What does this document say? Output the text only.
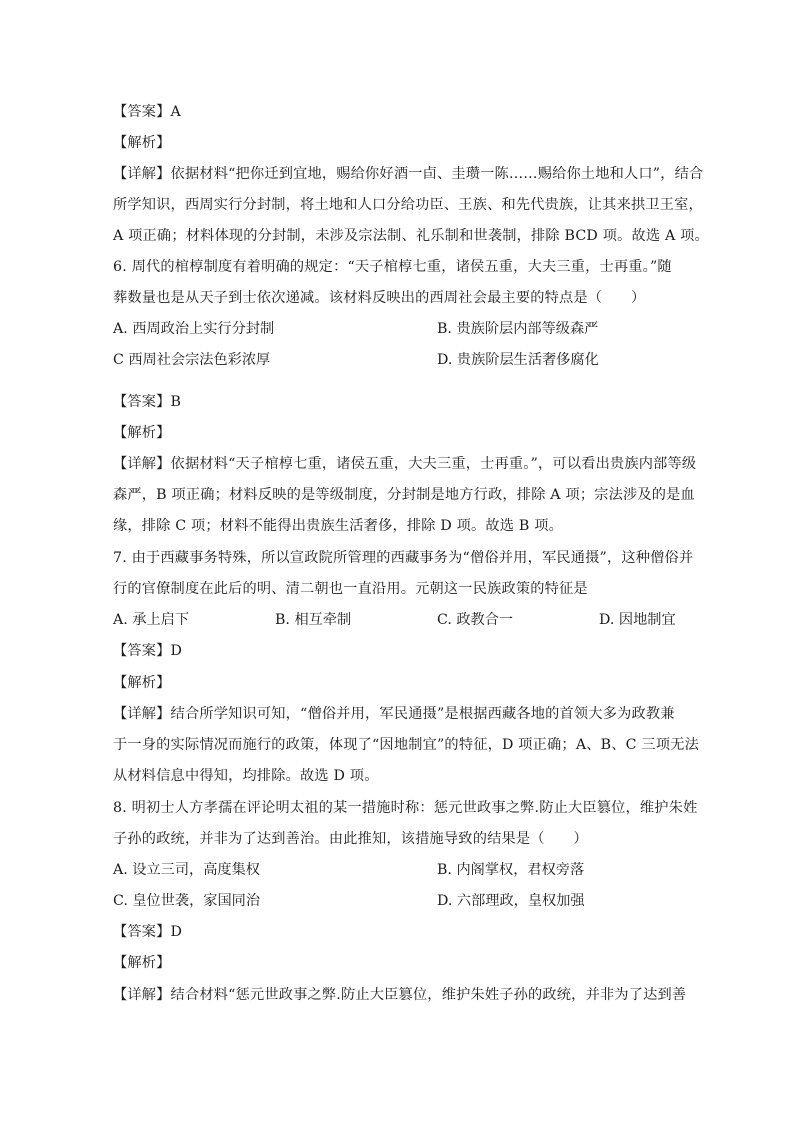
【答案】A
【解析】
【详解】依据材料“把你迁到宜地，赐给你好酒一卣、圭瓒一陈……赐给你土地和人口”，结合
所学知识，西周实行分封制，将土地和人口分给功臣、王族、和先代贵族，让其来拱卫王室，
A 项正确；材料体现的分封制，未涉及宗法制、礼乐制和世袭制，排除 BCD 项。故选 A 项。
6. 周代的棺椁制度有着明确的规定：“天子棺椁七重，诸侯五重，大夫三重，士再重。”随
葬数量也是从天子到士依次递减。该材料反映出的西周社会最主要的特点是（　　）
A. 西周政治上实行分封制	B. 贵族阶层内部等级森严
C 西周社会宗法色彩浓厚	D. 贵族阶层生活奢侈腐化
【答案】B
【解析】
【详解】依据材料“天子棺椁七重，诸侯五重，大夫三重，士再重。”，可以看出贵族内部等级
森严，B 项正确；材料反映的是等级制度，分封制是地方行政，排除 A 项；宗法涉及的是血
缘，排除 C 项；材料不能得出贵族生活奢侈，排除 D 项。故选 B 项。
7. 由于西藏事务特殊，所以宣政院所管理的西藏事务为“僧俗并用，军民通摄”，这种僧俗并
行的官僚制度在此后的明、清二朝也一直沿用。元朝这一民族政策的特征是
A. 承上启下	B. 相互牵制	C. 政教合一	D. 因地制宜
【答案】D
【解析】
【详解】结合所学知识可知，“僧俗并用，军民通摄”是根据西藏各地的首领大多为政教兼
于一身的实际情况而施行的政策，体现了“因地制宜”的特征，D 项正确；A、B、C 三项无法
从材料信息中得知，均排除。故选 D 项。
8. 明初士人方孝孺在评论明太祖的某一措施时称：惩元世政事之弊.防止大臣篡位，维护朱姓
子孙的政统，并非为了达到善治。由此推知，该措施导致的结果是（　　）
A. 设立三司，高度集权	B. 内阁掌权，君权旁落
C. 皇位世袭，家国同治	D. 六部理政，皇权加强
【答案】D
【解析】
【详解】结合材料“惩元世政事之弊.防止大臣篡位，维护朱姓子孙的政统，并非为了达到善
